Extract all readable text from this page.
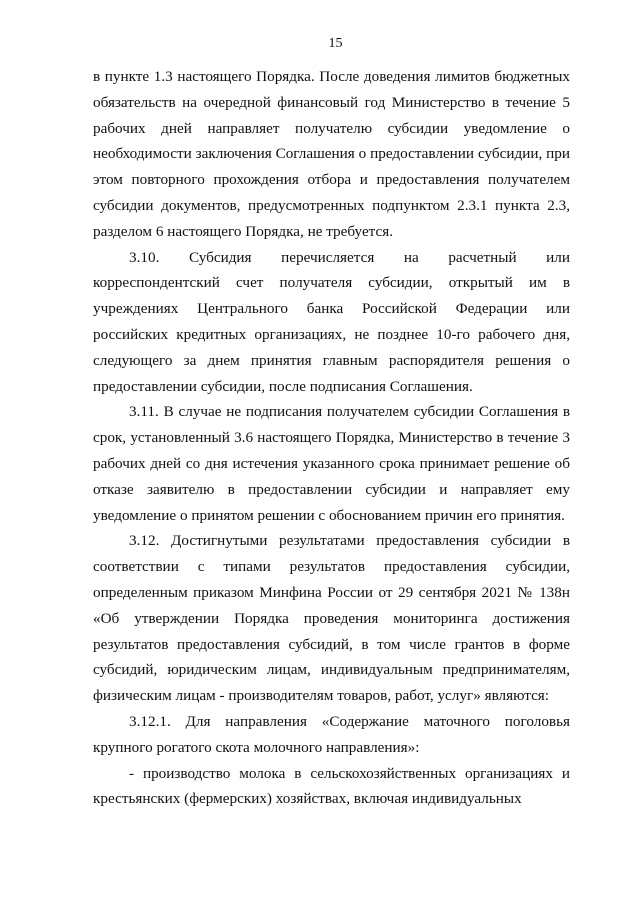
15

в пункте 1.3 настоящего Порядка. После доведения лимитов бюджетных обязательств на очередной финансовый год Министерство в течение 5 рабочих дней направляет получателю субсидии уведомление о необходимости заключения Соглашения о предоставлении субсидии, при этом повторного прохождения отбора и предоставления получателем субсидии документов, предусмотренных подпунктом 2.3.1 пункта 2.3, разделом 6 настоящего Порядка, не требуется.

3.10. Субсидия перечисляется на расчетный или корреспондентский счет получателя субсидии, открытый им в учреждениях Центрального банка Российской Федерации или российских кредитных организациях, не позднее 10-го рабочего дня, следующего за днем принятия главным распорядителя решения о предоставлении субсидии, после подписания Соглашения.

3.11. В случае не подписания получателем субсидии Соглашения в срок, установленный 3.6 настоящего Порядка, Министерство в течение 3 рабочих дней со дня истечения указанного срока принимает решение об отказе заявителю в предоставлении субсидии и направляет ему уведомление о принятом решении с обоснованием причин его принятия.

3.12. Достигнутыми результатами предоставления субсидии в соответствии с типами результатов предоставления субсидии, определенным приказом Минфина России от 29 сентября 2021 № 138н «Об утверждении Порядка проведения мониторинга достижения результатов предоставления субсидий, в том числе грантов в форме субсидий, юридическим лицам, индивидуальным предпринимателям, физическим лицам - производителям товаров, работ, услуг» являются:

3.12.1. Для направления «Содержание маточного поголовья крупного рогатого скота молочного направления»:

- производство молока в сельскохозяйственных организациях и крестьянских (фермерских) хозяйствах, включая индивидуальных
